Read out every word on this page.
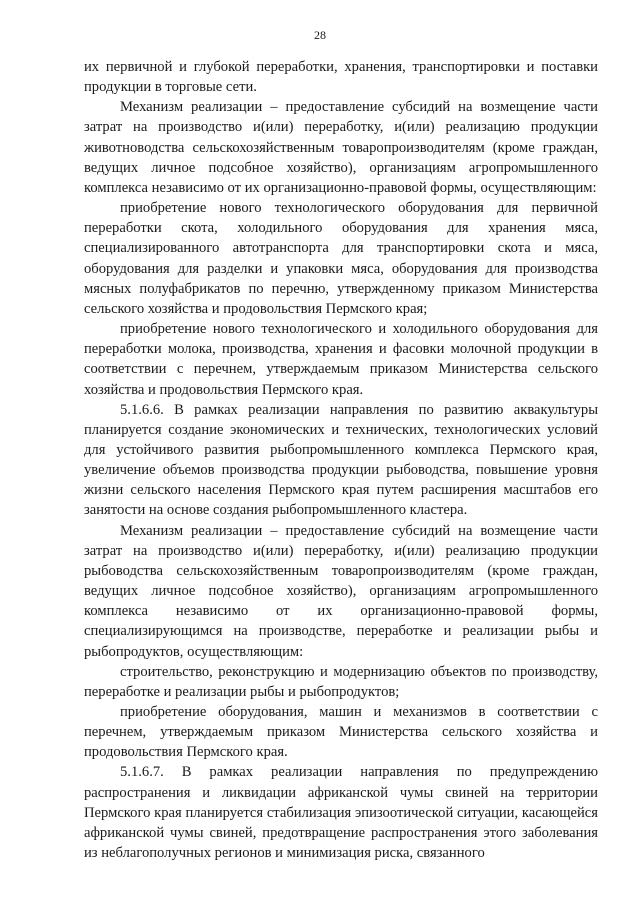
28

их первичной и глубокой переработки, хранения, транспортировки и поставки продукции в торговые сети.

Механизм реализации – предоставление субсидий на возмещение части затрат на производство и(или) переработку, и(или) реализацию продукции животноводства сельскохозяйственным товаропроизводителям (кроме граждан, ведущих личное подсобное хозяйство), организациям агропромышленного комплекса независимо от их организационно-правовой формы, осуществляющим:

приобретение нового технологического оборудования для первичной переработки скота, холодильного оборудования для хранения мяса, специализированного автотранспорта для транспортировки скота и мяса, оборудования для разделки и упаковки мяса, оборудования для производства мясных полуфабрикатов по перечню, утвержденному приказом Министерства сельского хозяйства и продовольствия Пермского края;

приобретение нового технологического и холодильного оборудования для переработки молока, производства, хранения и фасовки молочной продукции в соответствии с перечнем, утверждаемым приказом Министерства сельского хозяйства и продовольствия Пермского края.

5.1.6.6. В рамках реализации направления по развитию аквакультуры планируется создание экономических и технических, технологических условий для устойчивого развития рыбопромышленного комплекса Пермского края, увеличение объемов производства продукции рыбоводства, повышение уровня жизни сельского населения Пермского края путем расширения масштабов его занятости на основе создания рыбопромышленного кластера.

Механизм реализации – предоставление субсидий на возмещение части затрат на производство и(или) переработку, и(или) реализацию продукции рыбоводства сельскохозяйственным товаропроизводителям (кроме граждан, ведущих личное подсобное хозяйство), организациям агропромышленного комплекса независимо от их организационно-правовой формы, специализирующимся на производстве, переработке и реализации рыбы и рыбопродуктов, осуществляющим:

строительство, реконструкцию и модернизацию объектов по производству, переработке и реализации рыбы и рыбопродуктов;

приобретение оборудования, машин и механизмов в соответствии с перечнем, утверждаемым приказом Министерства сельского хозяйства и продовольствия Пермского края.

5.1.6.7. В рамках реализации направления по предупреждению распространения и ликвидации африканской чумы свиней на территории Пермского края планируется стабилизация эпизоотической ситуации, касающейся африканской чумы свиней, предотвращение распространения этого заболевания из неблагополучных регионов и минимизация риска, связанного
